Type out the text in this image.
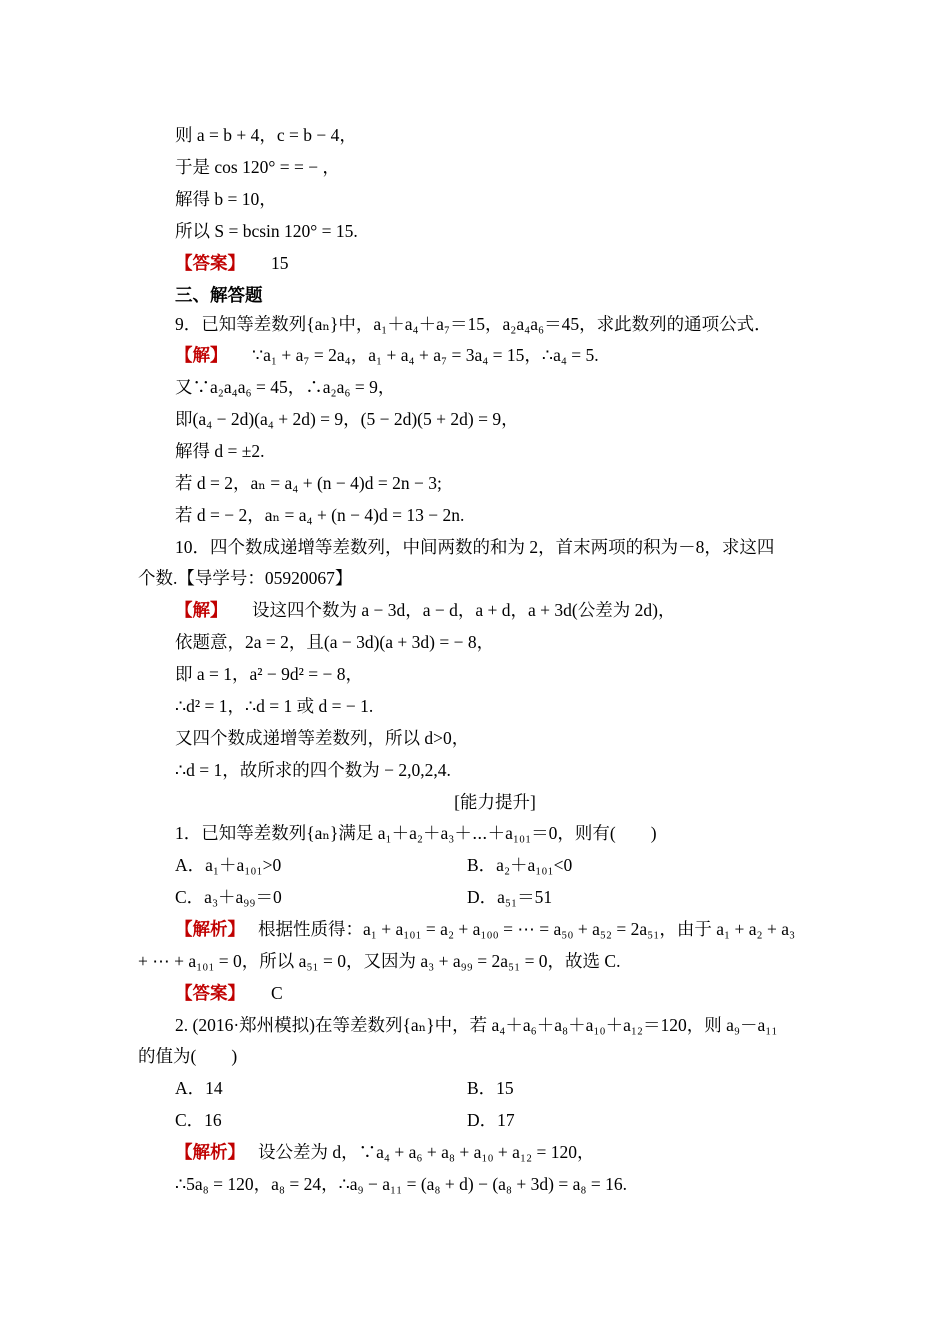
则 a = b + 4，c = b − 4，
于是 cos 120° = = − ，
解得 b = 10，
所以 S = bcsin 120° = 15.
【答案】 15
三、解答题
9．已知等差数列{aₙ}中，a₁＋a₄＋a₇＝15，a₂a₄a₆＝45，求此数列的通项公式．
【解】 ∵a₁ + a₇ = 2a₄，a₁ + a₄ + a₇ = 3a₄ = 15，∴a₄ = 5.
又∵a₂a₄a₆ = 45，∴a₂a₆ = 9，
即(a₄ − 2d)(a₄ + 2d) = 9，(5 − 2d)(5 + 2d) = 9，
解得 d = ±2.
若 d = 2，aₙ = a₄ + (n − 4)d = 2n − 3;
若 d = − 2，aₙ = a₄ + (n − 4)d = 13 − 2n.
10．四个数成递增等差数列，中间两数的和为 2，首末两项的积为－8，求这四
个数.【导学号：05920067】
【解】 设这四个数为 a − 3d，a − d，a + d，a + 3d(公差为 2d)，
依题意，2a = 2，且(a − 3d)(a + 3d) = − 8，
即 a = 1，a² − 9d² = − 8，
∴d² = 1，∴d = 1 或 d = − 1.
又四个数成递增等差数列，所以 d>0，
∴d = 1，故所求的四个数为 − 2,0,2,4.
[能力提升]
1．已知等差数列{aₙ}满足 a₁＋a₂＋a₃＋⋯＋a₁₀₁＝0，则有(　　)
A．a₁＋a₁₀₁>0	B．a₂＋a₁₀₁<0
C．a₃＋a₉₉＝0	D．a₅₁＝51
【解析】 根据性质得：a₁ + a₁₀₁ = a₂ + a₁₀₀ = ⋯ = a₅₀ + a₅₂ = 2a₅₁，由于 a₁ + a₂ + a₃
+ ⋯ + a₁₀₁ = 0，所以 a₅₁ = 0，又因为 a₃ + a₉₉ = 2a₅₁ = 0，故选 C.
【答案】 C
2. (2016·郑州模拟)在等差数列{aₙ}中，若 a₄＋a₆＋a₈＋a₁₀＋a₁₂＝120，则 a₉－a₁₁
的值为(　　)
A．14	B．15
C．16	D．17
【解析】 设公差为 d，∵a₄ + a₆ + a₈ + a₁₀ + a₁₂ = 120，
∴5a₈ = 120，a₈ = 24，∴a₉ − a₁₁ = (a₈ + d) − (a₈ + 3d) = a₈ = 16.
